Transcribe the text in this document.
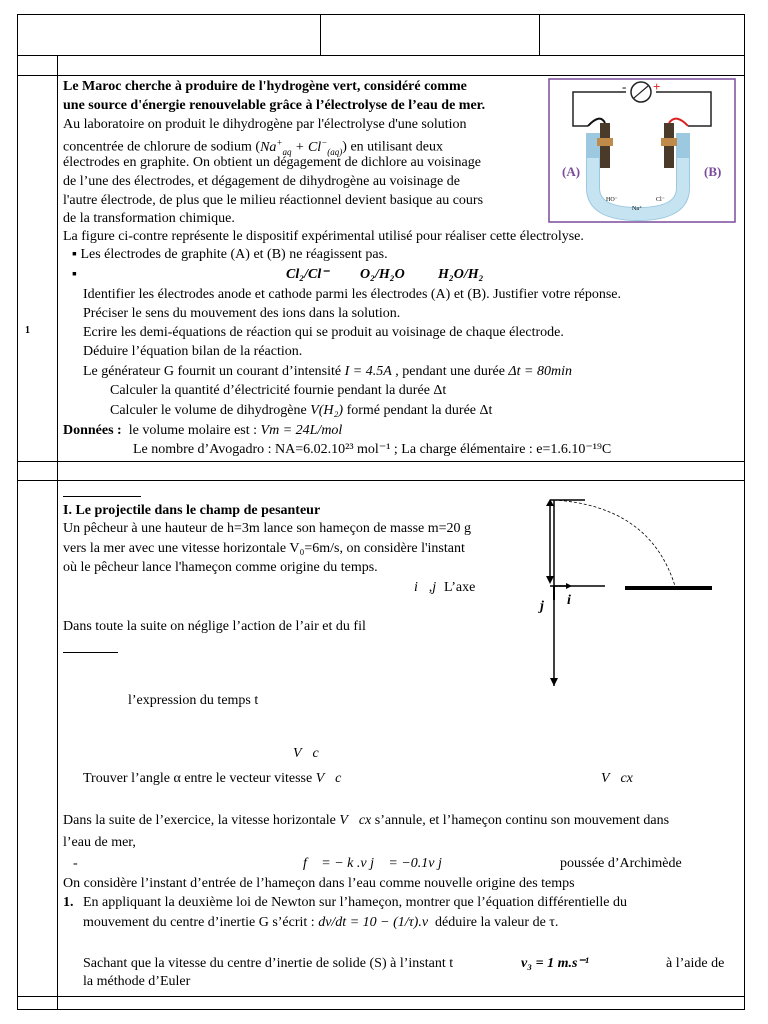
1
Le Maroc cherche à produire de l'hydrogène vert, considéré comme
une source d'énergie renouvelable grâce à l’électrolyse de l’eau de mer.
Au laboratoire on produit le dihydrogène par l'électrolyse d'une solution
concentrée de chlorure de sodium $(Na^+_{aq} + Cl^-_{(aq)})$ en utilisant deux
électrodes en graphite. On obtient un dégagement de dichlore au voisinage
de l’une des électrodes, et dégagement de dihydrogène au voisinage de
l'autre électrode, de plus que le milieu réactionnel devient basique au cours
de la transformation chimique.
La figure ci-contre représente le dispositif expérimental utilisé pour réaliser cette électrolyse.
▪ Les électrodes de graphite (A) et (B) ne réagissent pas.
▪	Cl₂/Cl⁻ O₂/H₂O H₂O/H₂
Identifier les électrodes anode et cathode parmi les électrodes (A) et (B). Justifier votre réponse.
Préciser le sens du mouvement des ions dans la solution.
Ecrire les demi-équations de réaction qui se produit au voisinage de chaque électrode.
Déduire l’équation bilan de la réaction.
Le générateur G fournit un courant d’intensité I = 4.5A , pendant une durée Δt = 80min
Calculer la quantité d’électricité fournie pendant la durée Δt
Calculer le volume de dihydrogène V(H₂) formé pendant la durée Δt
Données : le volume molaire est : Vm = 24L/mol
Le nombre d’Avogadro : NA=6.02.10²³ mol⁻¹ ; La charge élémentaire : e=1.6.10⁻¹⁹C
- +
(A)	(B)
HO⁻
Na⁺
Cl⁻
I. Le projectile dans le champ de pesanteur
Un pêcheur à une hauteur de h=3m lance son hameçon de masse m=20 g
vers la mer avec une vitesse horizontale V₀=6m/s, on considère l'instant
où le pêcheur lance l'hameçon comme origine du temps.
i⃗,j⃗
L’axe
Dans toute la suite on néglige l’action de l’air et du fil
l’expression du temps t
V⃗c
Trouver l’angle α entre le vecteur vitesse V⃗c	V⃗cx
Dans la suite de l’exercice, la vitesse horizontale V⃗cx s’annule, et l’hameçon continu son mouvement dans
l’eau de mer,
-	f⃗ = − k .v j⃗ = −0.1v j⃗	poussée d’Archimède
On considère l’instant d’entrée de l’hameçon dans l’eau comme nouvelle origine des temps
1. En appliquant la deuxième loi de Newton sur l’hameçon, montrer que l’équation différentielle du
mouvement du centre d’inertie G s’écrit : dv/dt = 10 − (1/τ).v déduire la valeur de τ.
Sachant que la vitesse du centre d’inertie de solide (S) à l’instant t	v₃ = 1 m.s⁻¹	à l’aide de
la méthode d’Euler
i
j
